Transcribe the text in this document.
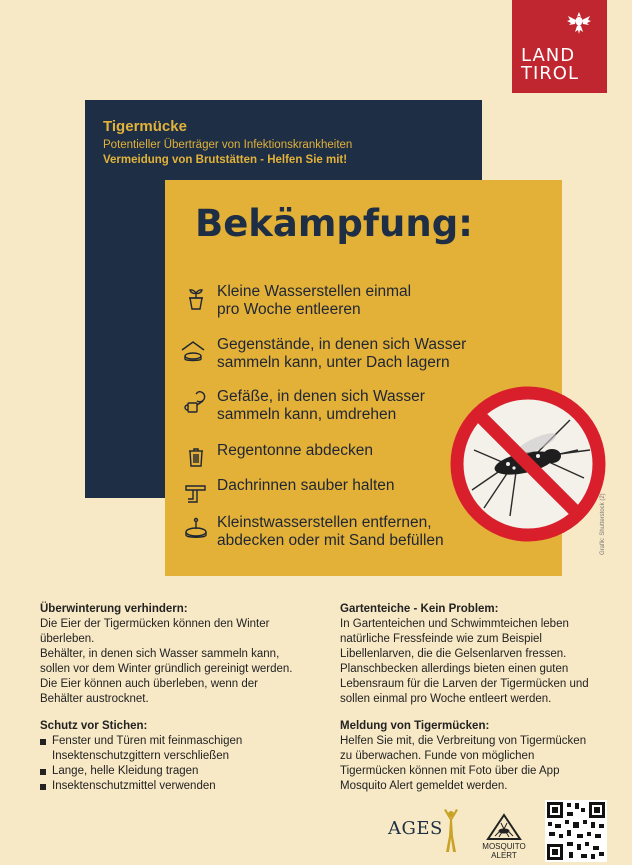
LAND
TIROL
Tigermücke
Potentieller Überträger von Infektionskrankheiten
Vermeidung von Brutstätten - Helfen Sie mit!
Bekämpfung:
Kleine Wasserstellen einmal
pro Woche entleeren
Gegenstände, in denen sich Wasser
sammeln kann, unter Dach lagern
Gefäße, in denen sich Wasser
sammeln kann, umdrehen
Regentonne abdecken
Dachrinnen sauber halten
Kleinstwasserstellen entfernen,
abdecken oder mit Sand befüllen	Grafik: Shutterstock (2)
Überwinterung verhindern:

Die Eier der Tigermücken können den Winter überleben.

Behälter, in denen sich Wasser sammeln kann, sollen vor dem Winter gründlich gereinigt werden. Die Eier können auch überleben, wenn der Behälter austrocknet.

Schutz vor Stichen:
Fenster und Türen mit feinmaschigen Insektenschutzgittern verschließen
Lange, helle Kleidung tragen
Insektenschutzmittel verwenden
Gartenteiche - Kein Problem:

In Gartenteichen und Schwimmteichen leben natürliche Fressfeinde wie zum Beispiel Libellenlarven, die die Gelsenlarven fressen. Planschbecken allerdings bieten einen guten Lebensraum für die Larven der Tigermücken und sollen einmal pro Woche entleert werden.

Meldung von Tigermücken:

Helfen Sie mit, die Verbreitung von Tigermücken zu überwachen. Funde von möglichen Tigermücken können mit Foto über die App Mosquito Alert gemeldet werden.

AGES
MOSQUITO
ALERT
